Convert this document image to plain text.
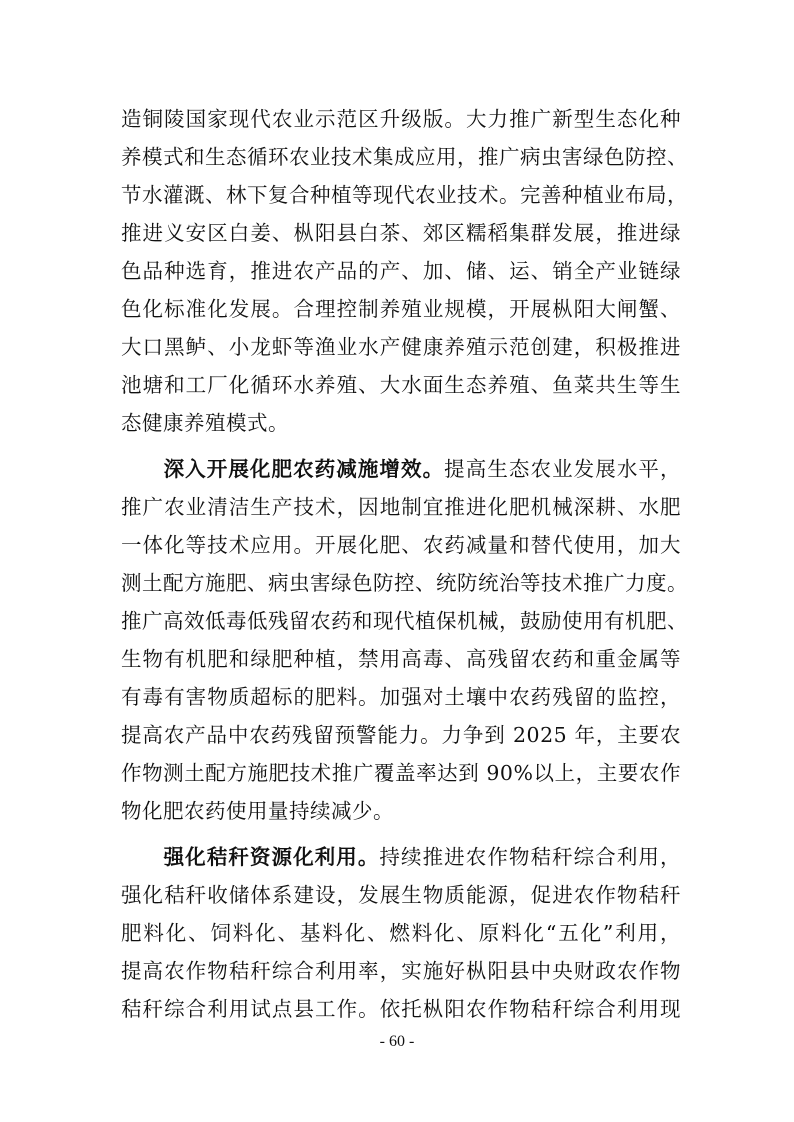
造铜陵国家现代农业示范区升级版。大力推广新型生态化种
养模式和生态循环农业技术集成应用，推广病虫害绿色防控、
节水灌溉、林下复合种植等现代农业技术。完善种植业布局，
推进义安区白姜、枞阳县白茶、郊区糯稻集群发展，推进绿
色品种选育，推进农产品的产、加、储、运、销全产业链绿
色化标准化发展。合理控制养殖业规模，开展枞阳大闸蟹、
大口黑鲈、小龙虾等渔业水产健康养殖示范创建，积极推进
池塘和工厂化循环水养殖、大水面生态养殖、鱼菜共生等生
态健康养殖模式。
深入开展化肥农药减施增效。提高生态农业发展水平，
推广农业清洁生产技术，因地制宜推进化肥机械深耕、水肥
一体化等技术应用。开展化肥、农药减量和替代使用，加大
测土配方施肥、病虫害绿色防控、统防统治等技术推广力度。
推广高效低毒低残留农药和现代植保机械，鼓励使用有机肥、
生物有机肥和绿肥种植，禁用高毒、高残留农药和重金属等
有毒有害物质超标的肥料。加强对土壤中农药残留的监控，
提高农产品中农药残留预警能力。力争到 2025 年，主要农
作物测土配方施肥技术推广覆盖率达到 90%以上，主要农作
物化肥农药使用量持续减少。
强化秸秆资源化利用。持续推进农作物秸秆综合利用，
强化秸秆收储体系建设，发展生物质能源，促进农作物秸秆
肥料化、饲料化、基料化、燃料化、原料化“五化”利用，
提高农作物秸秆综合利用率，实施好枞阳县中央财政农作物
秸秆综合利用试点县工作。依托枞阳农作物秸秆综合利用现
- 60 -
